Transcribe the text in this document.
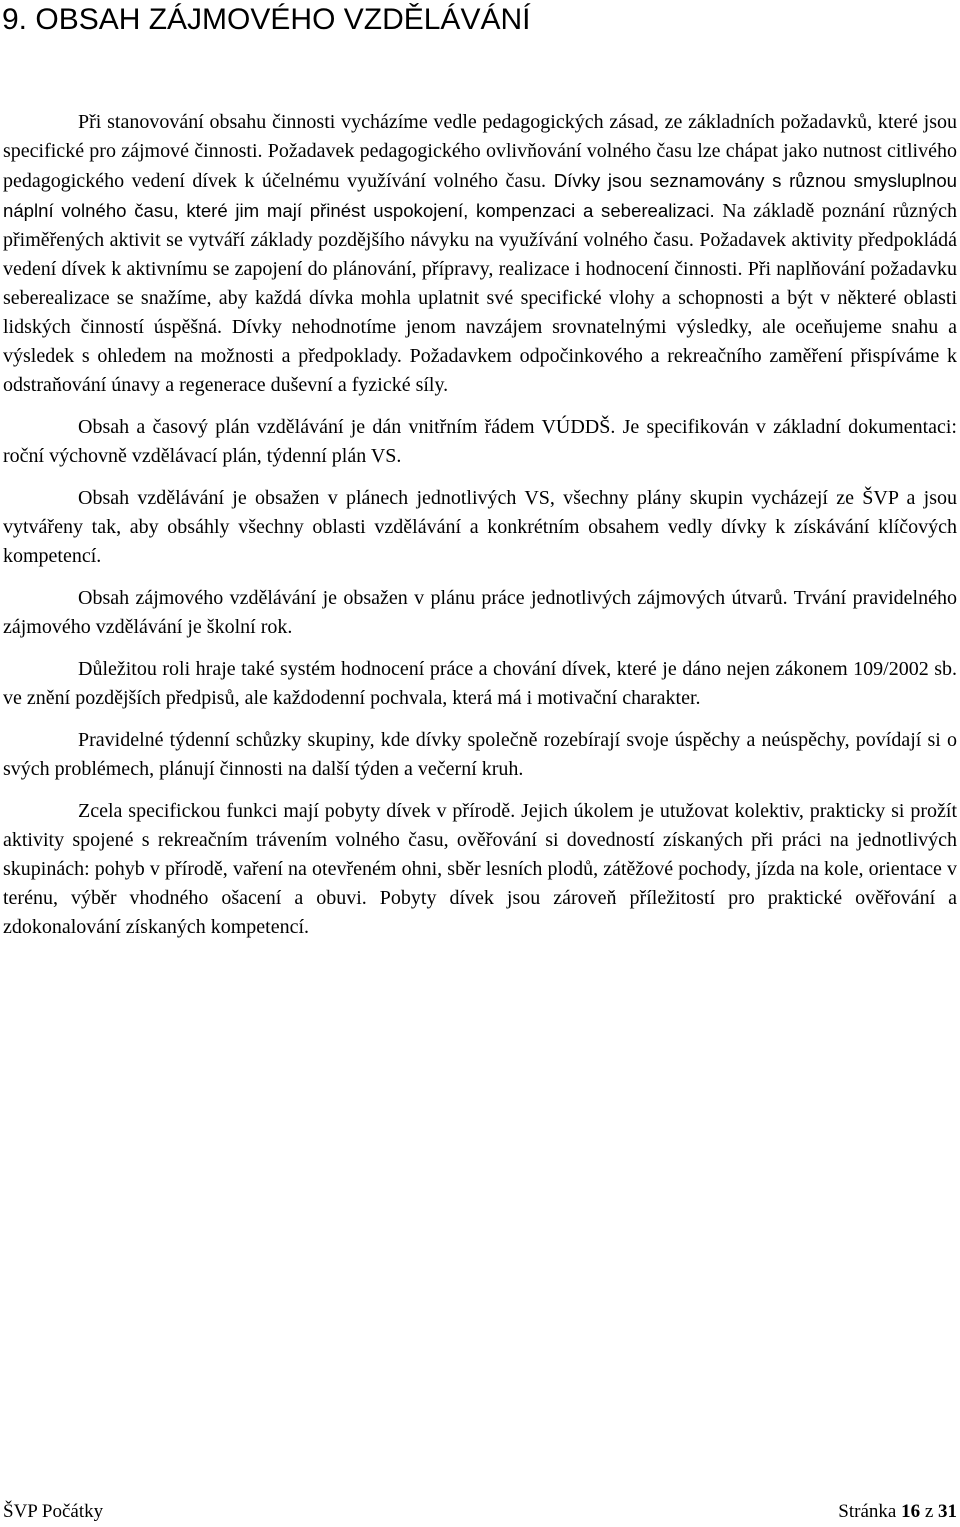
9. OBSAH ZÁJMOVÉHO VZDĚLÁVÁNÍ

Při stanovování obsahu činnosti vycházíme vedle pedagogických zásad, ze základních požadavků, které jsou specifické pro zájmové činnosti. Požadavek pedagogického ovlivňování volného času lze chápat jako nutnost citlivého pedagogického vedení dívek k účelnému využívání volného času. Dívky jsou seznamovány s různou smysluplnou náplní volného času, které jim mají přinést uspokojení, kompenzaci a seberealizaci. Na základě poznání různých přiměřených aktivit se vytváří základy pozdějšího návyku na využívání volného času. Požadavek aktivity předpokládá vedení dívek k aktivnímu se zapojení do plánování, přípravy, realizace i hodnocení činnosti. Při naplňování požadavku seberealizace se snažíme, aby každá dívka mohla uplatnit své specifické vlohy a schopnosti a být v některé oblasti lidských činností úspěšná. Dívky nehodnotíme jenom navzájem srovnatelnými výsledky, ale oceňujeme snahu a výsledek s ohledem na možnosti a předpoklady. Požadavkem odpočinkového a rekreačního zaměření přispíváme k odstraňování únavy a regenerace duševní a fyzické síly.

Obsah a časový plán vzdělávání je dán vnitřním řádem VÚDDŠ. Je specifikován v základní dokumentaci: roční výchovně vzdělávací plán, týdenní plán VS.

Obsah vzdělávání je obsažen v plánech jednotlivých VS, všechny plány skupin vycházejí ze ŠVP a jsou vytvářeny tak, aby obsáhly všechny oblasti vzdělávání a konkrétním obsahem vedly dívky k získávání klíčových kompetencí.

Obsah zájmového vzdělávání je obsažen v plánu práce jednotlivých zájmových útvarů. Trvání pravidelného zájmového vzdělávání je školní rok.

Důležitou roli hraje také systém hodnocení práce a chování dívek, které je dáno nejen zákonem 109/2002 sb. ve znění pozdějších předpisů, ale každodenní pochvala, která má i motivační charakter.

Pravidelné týdenní schůzky skupiny, kde dívky společně rozebírají svoje úspěchy a neúspěchy, povídají si o svých problémech, plánují činnosti na další týden a večerní kruh.

Zcela specifickou funkci mají pobyty dívek v přírodě. Jejich úkolem je utužovat kolektiv, prakticky si prožít aktivity spojené s rekreačním trávením volného času, ověřování si dovedností získaných při práci na jednotlivých skupinách: pohyb v přírodě, vaření na otevřeném ohni, sběr lesních plodů, zátěžové pochody, jízda na kole, orientace v terénu, výběr vhodného ošacení a obuvi. Pobyty dívek jsou zároveň příležitostí pro praktické ověřování a zdokonalování získaných kompetencí.

ŠVP Počátky	Stránka 16 z 31
